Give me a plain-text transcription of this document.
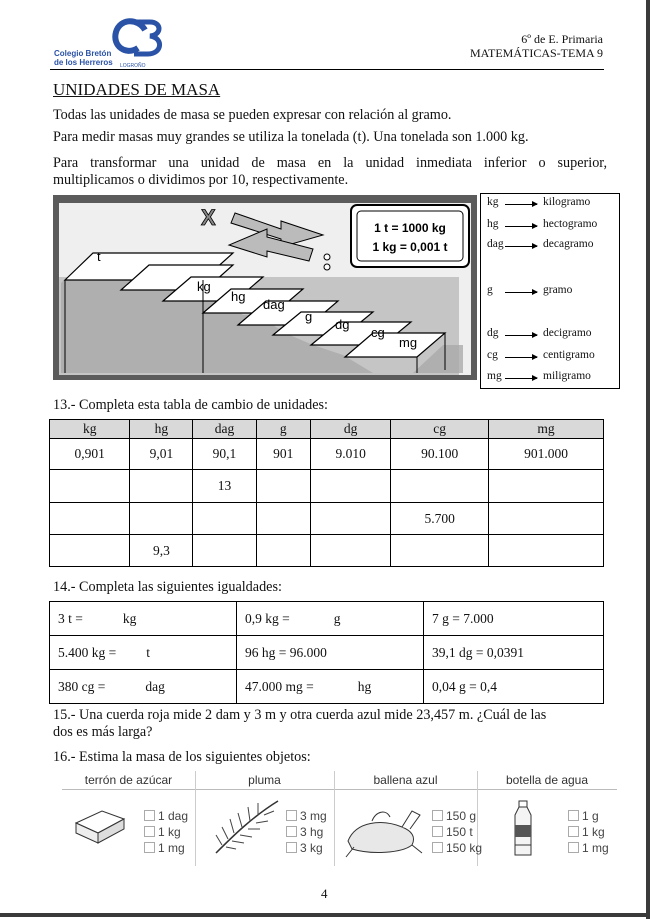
Colegio Bretón
de los Herreros LOGROÑO
6º de E. Primaria
MATEMÁTICAS-TEMA 9
UNIDADES DE MASA
Todas las unidades de masa se pueden expresar con relación al gramo.
Para medir masas muy grandes se utiliza la tonelada (t). Una tonelada son 1.000 kg.
Para transformar una unidad de masa en la unidad inmediata inferior o superior,
multiplicamos o dividimos por 10, respectivamente.
X	1 t = 1000 kg
1 kg = 0,001 t
t
kg
hg
dag
g
dg
cg
mg
kg	kilogramo
hg	hectogramo
dag	decagramo
g	gramo
dg	decigramo
cg	centigramo
mg	miligramo
13.- Completa esta tabla de cambio de unidades:
kg	hg	dag	g	dg	cg	mg
0,901	9,01	90,1	901	9.010	90.100	901.000
		13				
					5.700	
	9,3					
14.- Completa las siguientes igualdades:
3 t = kg	0,9 kg = g	7 g = 7.000
5.400 kg = t	96 hg = 96.000	39,1 dg = 0,0391
380 cg = dag	47.000 mg = hg	0,04 g = 0,4
15.- Una cuerda roja mide 2 dam y 3 m y otra cuerda azul mide 23,457 m. ¿Cuál de las
dos es más larga?
16.- Estima la masa de los siguientes objetos:
terrón de azúcar
1 dag
1 kg
1 mg
pluma
3 mg
3 hg
3 kg
ballena azul
150 g
150 t
150 kg
botella de agua
1 g
1 kg
1 mg
4
